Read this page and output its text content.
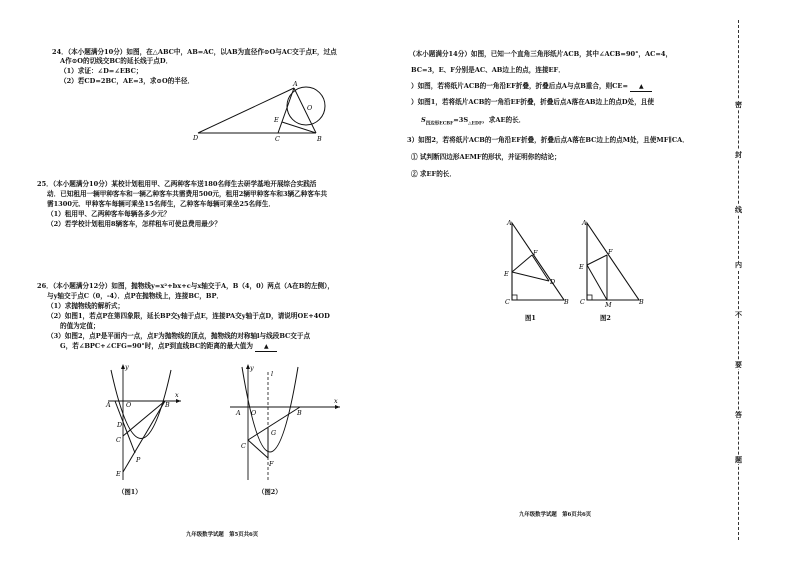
24．（本小题满分10分）如图，在△ABC中，AB=AC，以AB为直径作⊙O与AC交于点E，过点
A作⊙O的切线交BC的延长线于点D．
（1）求证：∠D=∠EBC；
（2）若CD=2BC，AE=3，求⊙O的半径．	A
O
E
D	C	B
25．（本小题满分10分）某校计划租用甲、乙两种客车送180名师生去研学基地开展综合实践活
动．已知租用一辆甲种客车和一辆乙种客车共需费用500元，租用2辆甲种客车和3辆乙种客车共
需1300元．甲种客车每辆可乘坐15名师生，乙种客车每辆可乘坐25名师生．
（1）租用甲、乙两种客车每辆各多少元？
（2）若学校计划租用8辆客车，怎样租车可使总费用最少？
26．（本小题满分12分）如图，抛物线y=x²+bx+c与x轴交于A，B（4，0）两点（A在B的左侧），
与y轴交于点C（0，-4）．点P在抛物线上，连接BC，BP．
（1）求抛物线的解析式；
（2）如图1，若点P在第四象限，延长BP交y轴于点E，连接PA交y轴于点D，请说明OE+4OD
的值为定值；
（3）如图2，点P是平面内一点，点F为抛物线的顶点，抛物线的对称轴l与线段BC交于点
G，若∠BPC+∠CFG=90°时，点P到直线BC的距离的最大值为 ▲
y
x
A O	B
D
C
P
E
（图1）
y
x
l
A O	B
C
G
F
（图2）
九年级数学试题　第5页共6页
（本小题满分14分）如图，已知一个直角三角形纸片ACB，其中∠ACB=90°，AC=4，
BC=3，E、F分别是AC、AB边上的点，连接EF．
）如图，若将纸片ACB的一角沿EF折叠，折叠后点A与点B重合，则CE= ▲
）如图1，若将纸片ACB的一角沿EF折叠，折叠后点A落在AB边上的点D处，且使
$S_{四边形ECBF}=3S_{\triangle EDF}$，求AE的长．
3）如图2，若将纸片ACB的一角沿EF折叠，折叠后点A落在BC边上的点M处，且使MF∥CA．
① 试判断四边形AEMF的形状，并证明你的结论；
② 求EF的长．
A
F
E
D
C	B
图1
A
F
E
C	M	B
图2
九年级数学试题　第6页共6页
密
封
线
内
不
要
答
题
